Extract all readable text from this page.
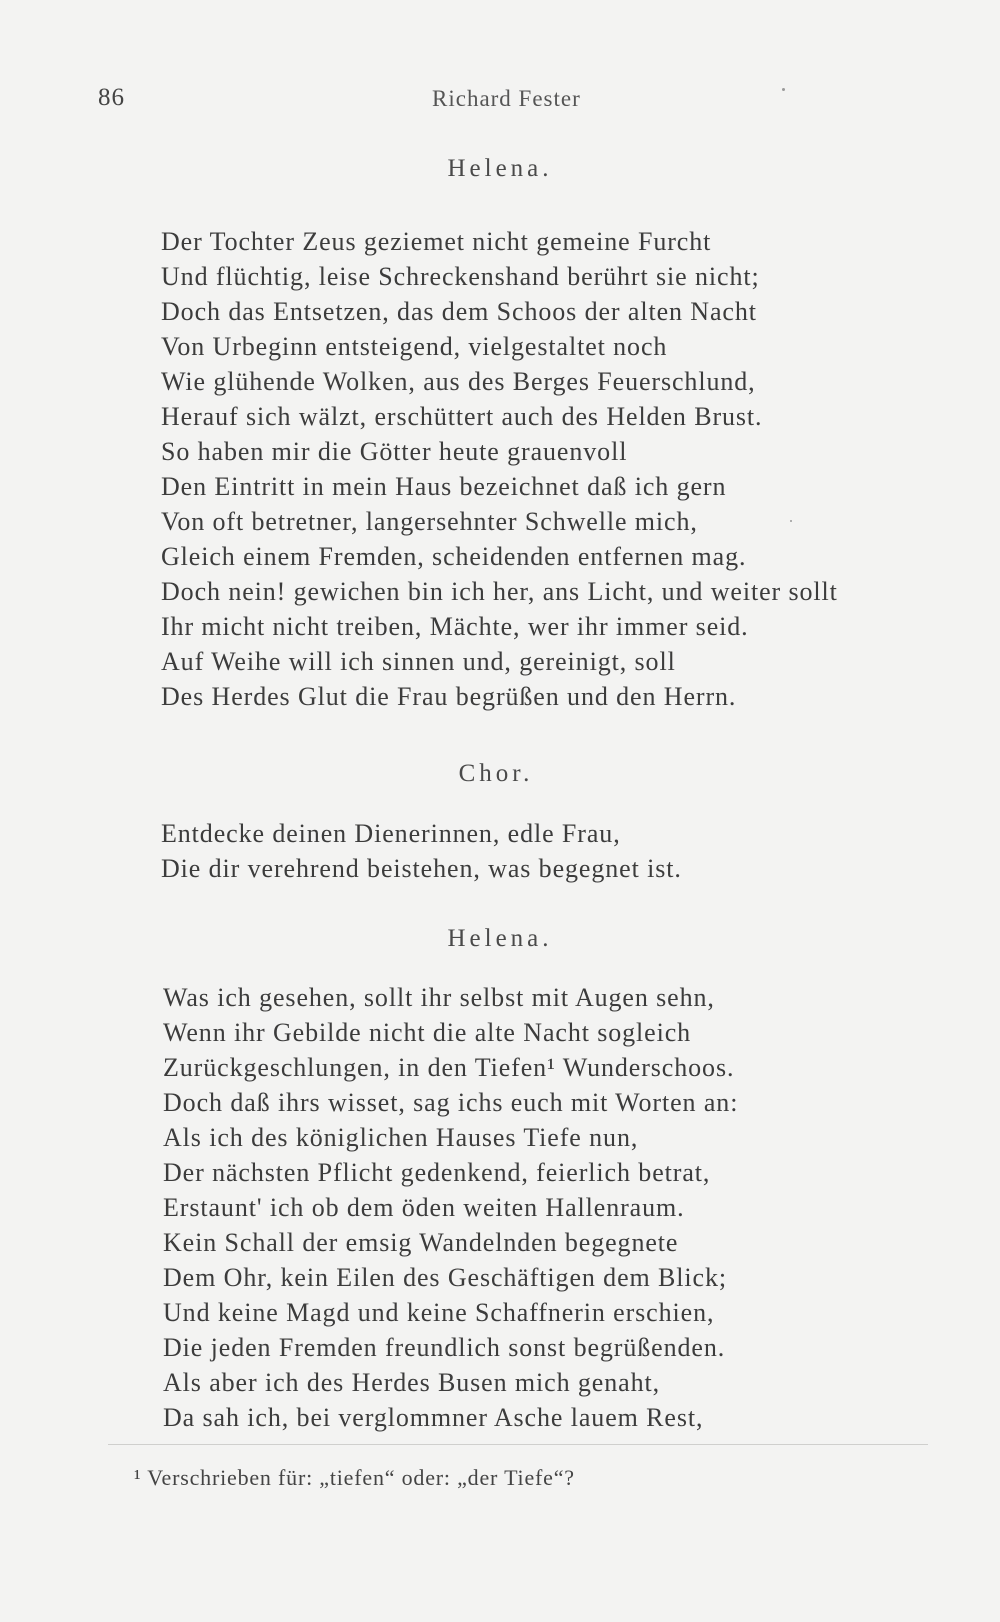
86	Richard Fester
Helena.
Der Tochter Zeus geziemet nicht gemeine Furcht
Und flüchtig, leise Schreckenshand berührt sie nicht;
Doch das Entsetzen, das dem Schoos der alten Nacht
Von Urbeginn entsteigend, vielgestaltet noch
Wie glühende Wolken, aus des Berges Feuerschlund,
Herauf sich wälzt, erschüttert auch des Helden Brust.
So haben mir die Götter heute grauenvoll
Den Eintritt in mein Haus bezeichnet daß ich gern
Von oft betretner, langersehnter Schwelle mich,
Gleich einem Fremden, scheidenden entfernen mag.
Doch nein! gewichen bin ich her, ans Licht, und weiter sollt
Ihr micht nicht treiben, Mächte, wer ihr immer seid.
Auf Weihe will ich sinnen und, gereinigt, soll
Des Herdes Glut die Frau begrüßen und den Herrn.
Chor.
Entdecke deinen Dienerinnen, edle Frau,
Die dir verehrend beistehen, was begegnet ist.
Helena.
Was ich gesehen, sollt ihr selbst mit Augen sehn,
Wenn ihr Gebilde nicht die alte Nacht sogleich
Zurückgeschlungen, in den Tiefen¹ Wunderschoos.
Doch daß ihrs wisset, sag ichs euch mit Worten an:
Als ich des königlichen Hauses Tiefe nun,
Der nächsten Pflicht gedenkend, feierlich betrat,
Erstaunt' ich ob dem öden weiten Hallenraum.
Kein Schall der emsig Wandelnden begegnete
Dem Ohr, kein Eilen des Geschäftigen dem Blick;
Und keine Magd und keine Schaffnerin erschien,
Die jeden Fremden freundlich sonst begrüßenden.
Als aber ich des Herdes Busen mich genaht,
Da sah ich, bei verglommner Asche lauem Rest,
¹ Verschrieben für: „tiefen“ oder: „der Tiefe“?
